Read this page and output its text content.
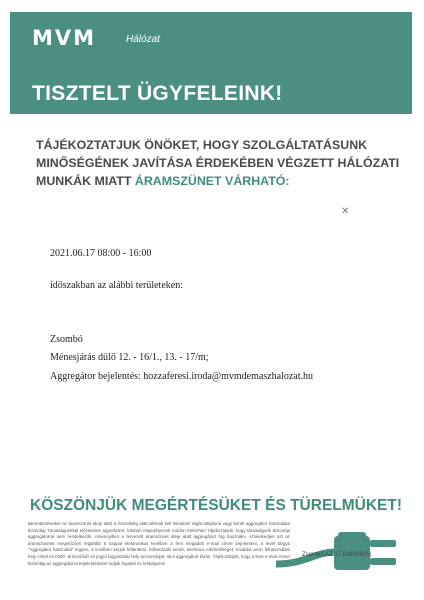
MVM	Hálózat
TISZTELT ÜGYFELEINK!
TÁJÉKOZTATJUK ÖNÖKET, HOGY SZOLGÁLTATÁSUNK MINŐSÉGÉNEK JAVÍTÁSA ÉRDEKÉBEN VÉGZETT HÁLÓZATI MUNKÁK MIATT ÁRAMSZÜNET VÁRHATÓ:
✕
2021.06.17 08:00 - 16:00
időszakban az alábbi területeken:
Zsombó
Ménesjárás dűlő 12. - 16/1., 13. - 17/m;
Aggregátor bejelentés: hozzaferesi.iroda@mvmdemaszhalozat.hu
KÖSZÖNJÜK MEGÉRTÉSÜKET ÉS TÜRELMÜKET!
Berendezéseiket az áramszünet ideje alatt is feszültség alatt állónak kell tekinteni! Saját tulajdonú vagy bérelt aggregátor használata kizárólag Társaságunkkal előzetesen egyeztetett, írásban engedélyezett módon történhet! Tájékoztatjuk, hogy társaságunk biztosítja aggregátorral nem rendelkezők. Amennyiben a tervezett áramszünet ideje alatt aggregátort fog használni, szíveskedjen azt az áramszünetet megelőzően legalább 5 nappal elektronikus levélben a fent megadott e-mail címre bejelenteni, a levél tárgya "Aggregátor használat" legyen, a levélben kérjük feltüntetni: felhasználó nevét, telefonos elérhetőségét, továbbá azon felhasználási hely címét és 0400 -al kezdődő 10 jegyű fogyasztási hely azonosítóját, ahol aggregátort kíván. Tájékoztatjuk, hogy a fenti e-mail címen kizárólag az aggregátorra bejelentéseket tudjuk fogadni és feldolgozni!
Zsombó AZ 17 DARAB(A)
